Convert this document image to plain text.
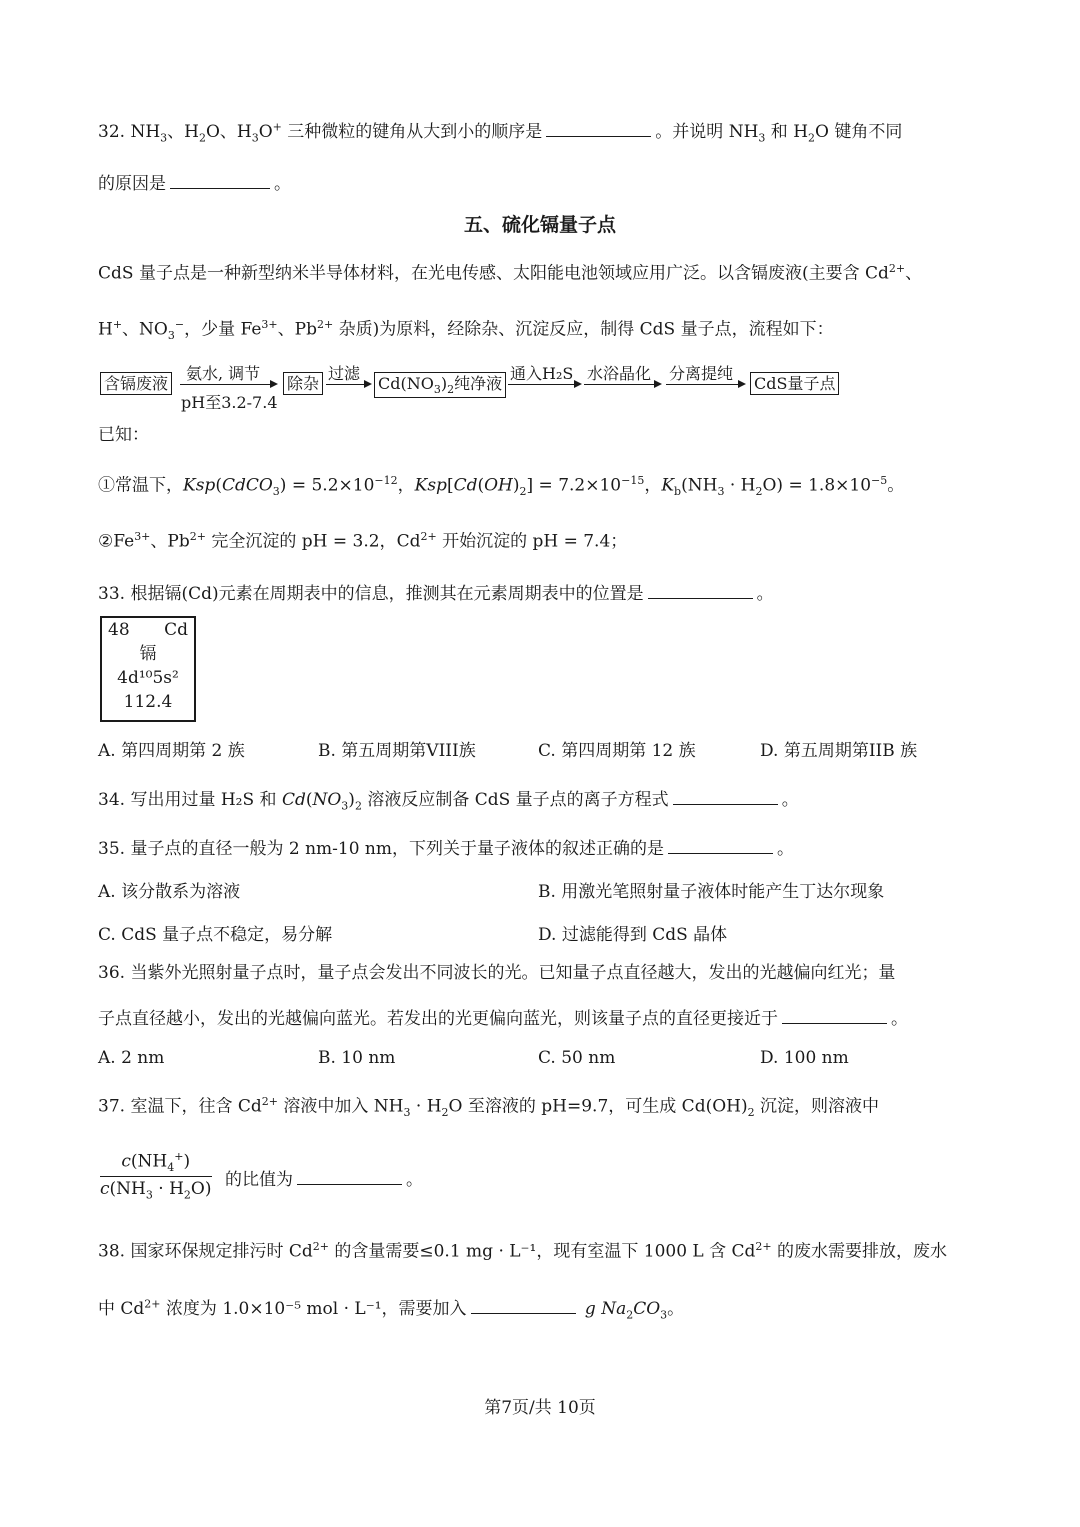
32. $NH_3$、$H_2O$、$H_3O^+$ 三种微粒的键角从大到小的顺序是	。并说明 $NH_3$ 和 $H_2O$ 键角不同
的原因是	。
五、硫化镉量子点
CdS 量子点是一种新型纳米半导体材料，在光电传感、太阳能电池领域应用广泛。以含镉废液(主要含 $Cd^{2+}$、
H+、$NO_3^-$，少量 $Fe^{3+}$、$Pb^{2+}$ 杂质)为原料，经除杂、沉淀反应，制得 CdS 量子点，流程如下：
含镉废液
氨水, 调节
pH至3.2-7.4
除杂
过滤
$Cd(NO_3)_2$纯净液
通入H₂S 水浴晶化 分离提纯
CdS量子点
已知：
①常温下，Ksp(CdCO$_3$) = $5.2\times 10^{-12}$，$Ksp[Cd(OH)_2] = 7.2\times 10^{-15}$，$K_b(NH_3 \cdot H_2O) = 1.8\times 10^{-5}$。
$②Fe^{3+}$、$Pb^{2+}$ 完全沉淀的 pH = 3.2，$Cd^{2+}$ 开始沉淀的 pH = 7.4；
33. 根据镉(Cd)元素在周期表中的信息，推测其在元素周期表中的位置是	。
48 Cd
镉
4d¹⁰5s²
112.4
A. 第四周期第 2 族	B. 第五周期第VIII族	C. 第四周期第 12 族	D. 第五周期第IIB 族
34. 写出用过量 H₂S 和 $Cd(NO_3)_2$ 溶液反应制备 CdS 量子点的离子方程式	。
35. 量子点的直径一般为 2 nm-10 nm，下列关于量子液体的叙述正确的是	。
A. 该分散系为溶液	B. 用激光笔照射量子液体时能产生丁达尔现象
C. CdS 量子点不稳定，易分解	D. 过滤能得到 CdS 晶体
36. 当紫外光照射量子点时，量子点会发出不同波长的光。已知量子点直径越大，发出的光越偏向红光；量
子点直径越小，发出的光越偏向蓝光。若发出的光更偏向蓝光，则该量子点的直径更接近于	。
A. 2 nm	B. 10 nm	C. 50 nm	D. 100 nm
37. 室温下，往含 $Cd^{2+}$ 溶液中加入 $NH_3 \cdot H_2O$ 至溶液的 pH=9.7，可生成 $Cd(OH)_2$ 沉淀，则溶液中
$\frac{c(NH_4^+)}{c(NH_3 \cdot H_2O)}$ 的比值为	。
38. 国家环保规定排污时 $Cd^{2+}$ 的含量需要≤0.1 mg · L⁻¹，现有室温下 1000 L 含 $Cd^{2+}$ 的废水需要排放，废水
中 $Cd^{2+}$ 浓度为 1.0×10⁻⁵ mol · L⁻¹，需要加入	g $Na_2CO_3$。
第7页/共 10页
